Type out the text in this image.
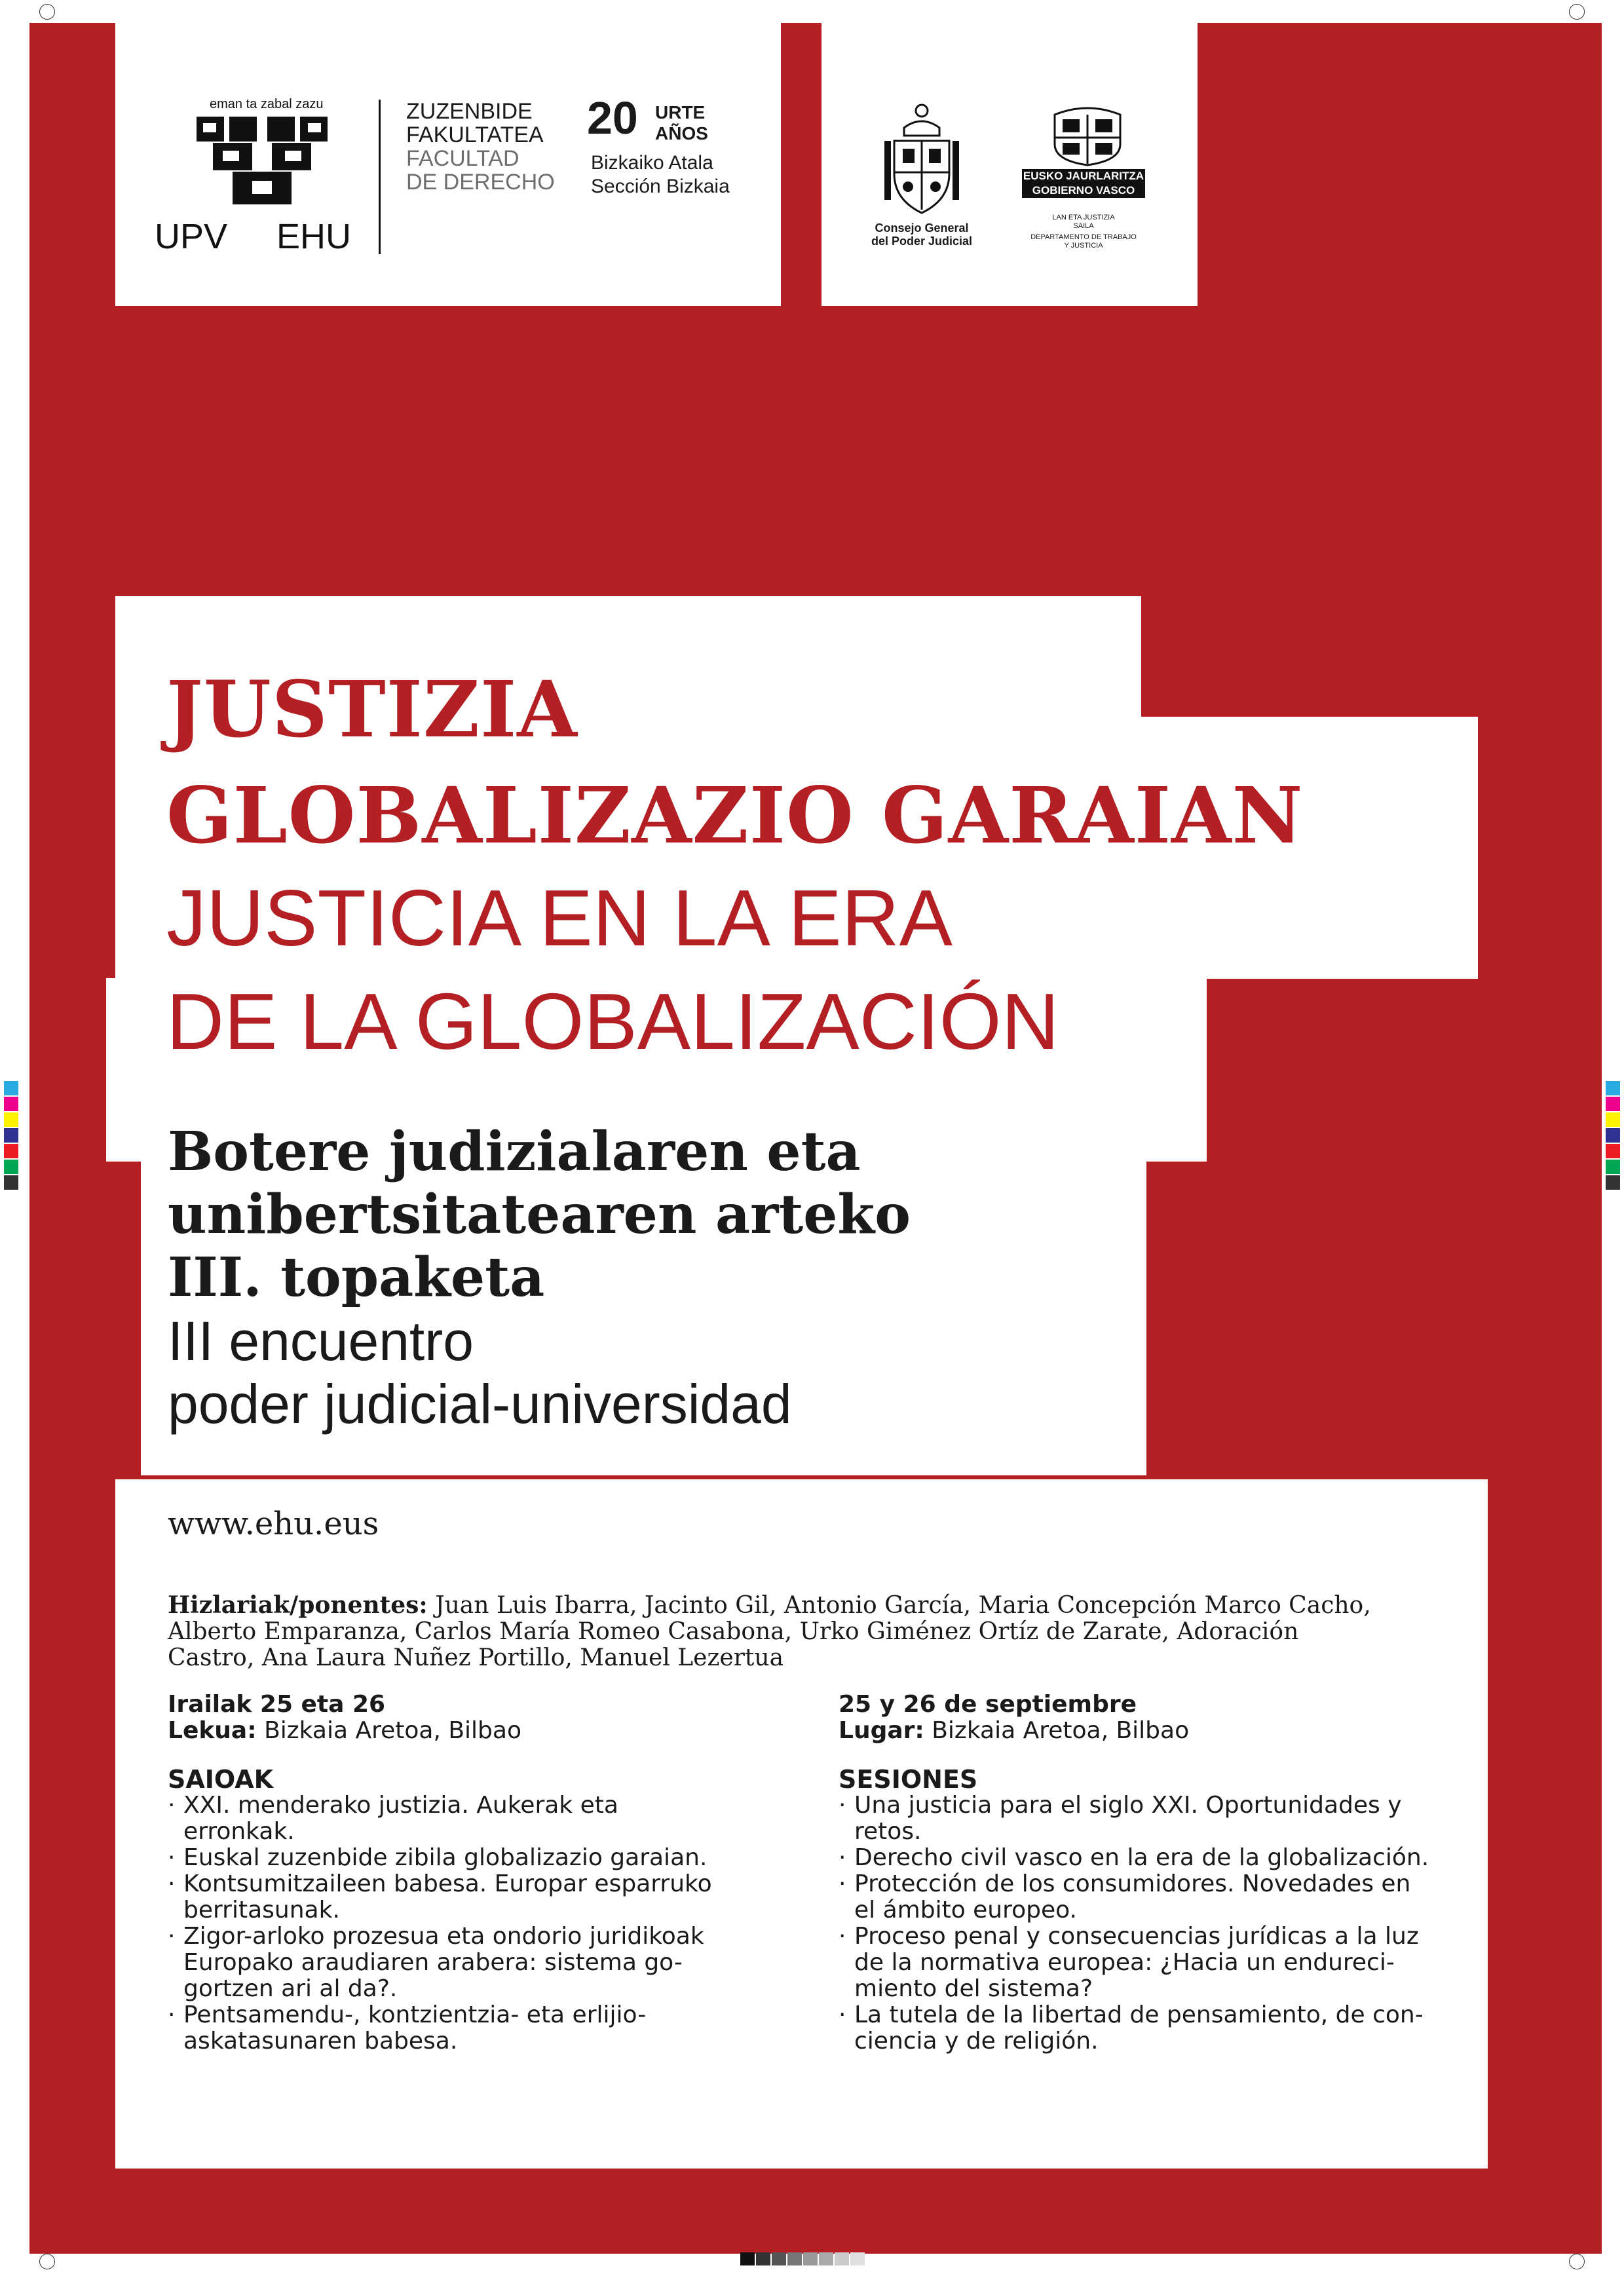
eman ta zabal zazu
UPV EHU
ZUZENBIDE
FAKULTATEA
FACULTAD
DE DERECHO
20 URTE
AÑOS
Bizkaiko Atala
Sección Bizkaia
Consejo General
del Poder Judicial
EUSKO JAURLARITZA
GOBIERNO VASCO
LAN ETA JUSTIZIA
SAILA
DEPARTAMENTO DE TRABAJO
Y JUSTICIA
JUSTIZIA
GLOBALIZAZIO GARAIAN
JUSTICIA EN LA ERA
DE LA GLOBALIZACIÓN
Botere judizialaren eta
unibertsitatearen arteko
III. topaketa
III encuentro
poder judicial-universidad
www.ehu.eus
Hizlariak/ponentes: Juan Luis Ibarra, Jacinto Gil, Antonio García, Maria Concepción Marco Cacho,
Alberto Emparanza, Carlos María Romeo Casabona, Urko Giménez Ortíz de Zarate, Adoración
Castro, Ana Laura Nuñez Portillo, Manuel Lezertua
Irailak 25 eta 26
Lekua: Bizkaia Aretoa, Bilbao
SAIOAK
· XXI. menderako justizia. Aukerak eta
erronkak.
· Euskal zuzenbide zibila globalizazio garaian.
· Kontsumitzaileen babesa. Europar esparruko
berritasunak.
· Zigor-arloko prozesua eta ondorio juridikoak
Europako araudiaren arabera: sistema go-
gortzen ari al da?.
· Pentsamendu-, kontzientzia- eta erlijio-
askatasunaren babesa.
25 y 26 de septiembre
Lugar: Bizkaia Aretoa, Bilbao
SESIONES
· Una justicia para el siglo XXI. Oportunidades y
retos.
· Derecho civil vasco en la era de la globalización.
· Protección de los consumidores. Novedades en
el ámbito europeo.
· Proceso penal y consecuencias jurídicas a la luz
de la normativa europea: ¿Hacia un endureci-
miento del sistema?
· La tutela de la libertad de pensamiento, de con-
ciencia y de religión.
